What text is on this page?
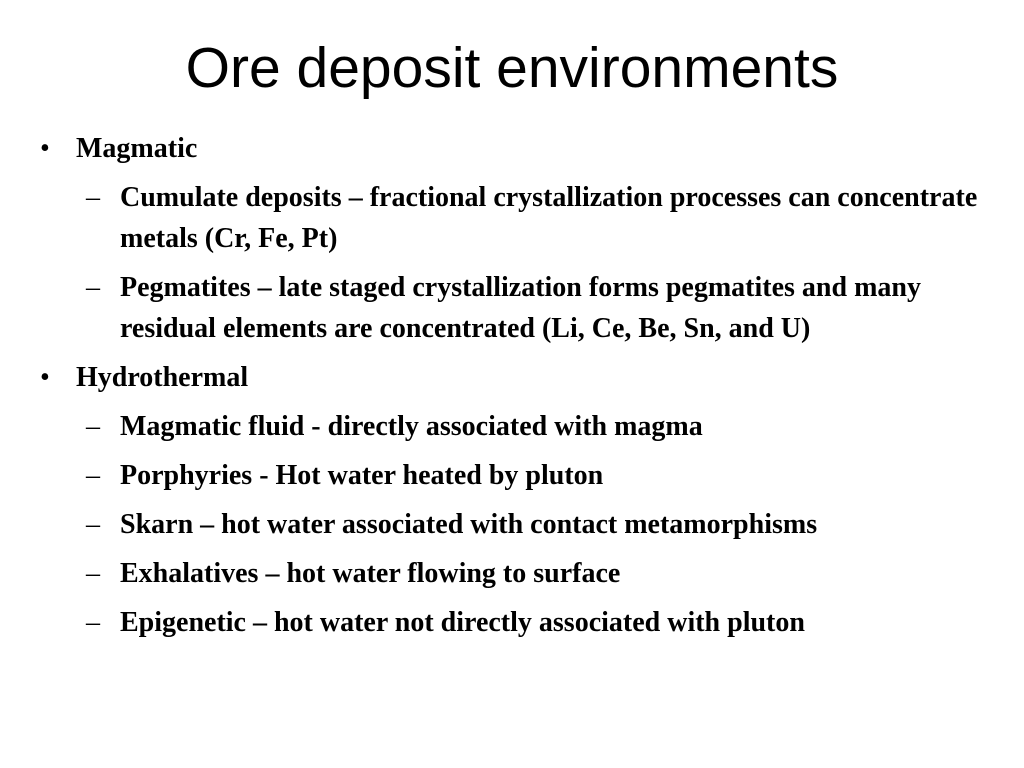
Ore deposit environments
• Magmatic
– Cumulate deposits – fractional crystallization processes can concentrate metals (Cr, Fe, Pt)
– Pegmatites – late staged crystallization forms pegmatites and many residual elements are concentrated (Li, Ce, Be, Sn, and U)
• Hydrothermal
– Magmatic fluid - directly associated with magma
– Porphyries - Hot water heated by pluton
– Skarn – hot water associated with contact metamorphisms
– Exhalatives – hot water flowing to surface
– Epigenetic – hot water not directly associated with pluton
